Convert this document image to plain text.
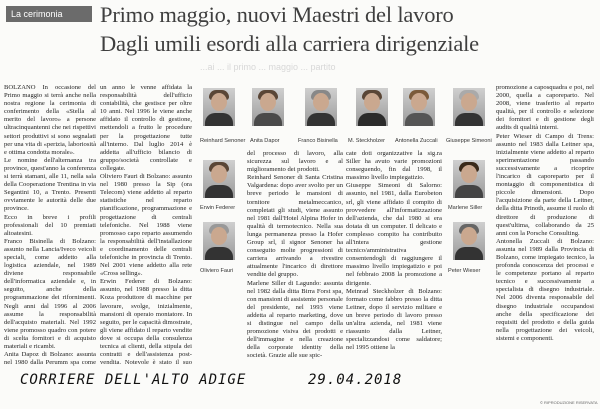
La cerimonia	Primo maggio, nuovi Maestri del lavoro
Dagli umili esordi alla carriera dirigenziale
...ai ... il primo ... maggio ... partito

BOLZANO In occasione del Primo maggio si terrà anche nella nostra regione la cerimonia di conferimento della «Stella al merito del lavoro» a persone ultracinquantenni che nei rispettivi settori produttivi si sono segnalati per una vita di «perizia, laboriosità e ottima condotta morale».

Le nomine dell'alternanza tra province, quest'anno la conferenza si terrà stamani, alle 11, nella sala della Cooperazione Trentina in via Segantini 10, a Trento. Presenti ovviamente le autorità delle due province.

Ecco in breve i profili professionali del 10 premiati altoatesini.

Franco Bisinella di Bolzano: assunto nella Lancia/Iveco veicoli speciali, come addetto alla logistica aziendale, nel 1989 diviene responsabile dell'informatica aziendale e, in seguito, anche della programmazione dei rifornimenti. Negli anni dal 1996 al 2006 assume la responsabilità dell'acquisto materiali. Nel 1992 viene promosso quadro con potere di scelta fornitori e di acquisto materiali e ricambi.

Anita Dapoz di Bolzano: assunta nel 1980 dalla Perumm spa come

un anno le venne affidata la responsabilità dell'ufficio contabilità, che gestisce per oltre 10 anni. Nel 1996 le viene anche affidato il controllo di gestione, mettendoli a frutto le procedure per la progettazione tutte all'interno. Dal luglio 2014 è addetta all'ufficio bilancio di gruppo/società controllate e collegate.

Oliviero Fauri di Bolzano: assunto nel 1980 presso la Sip (ora Telecom) viene addetto al reparto statistiche nel reparto pianificazione, programmazione e progettazione di centrali telefoniche. Nel 1988 viene promosso capo reparto assumendo la responsabilità dell'installazione e coordinamento delle centrali telefoniche in provincia di Trento. Nel 2001 viene addetto alla rete «Cross selling».

Erwin Federer di Bolzano: assunto, nel 1988 presso la ditta Koza produttore di macchine per lavorare, svolge, inizialmente, mansioni di operaio montatore. In seguito, per le capacità dimostrate, gli viene affidato il reparto vendite dove si occupa della consulenza tecnica ai clienti, della stipula dei contratti e dell'assistenza post-vendita. Notevole è stato il suo

del processo di lavoro, alla sicurezza sul lavoro e al miglioramento dei prodotti.

Reinhard Senoner di Santa Cristina Valgardena: dopo aver svolto per un breve periodo le mansioni di tornitore metalmeccanico, completati gli studi, viene assunto nel 1981 dall'Hotel Alpina Hofer in qualità di termotecnico. Nella sua lunga permanenza presso la Hofer Group srl, il signor Senoner ha conseguito molte progressioni di carriera arrivando a rivestire attualmente l'incarico di direttore vendite del gruppo.

Marlene Siller di Lagundo: assunta nel 1982 dalla ditta Birra Forst spa, con mansioni di assistente personale del presidente, nel 1993 viene addetta al reparto marketing, dove si distingue nel campo della promozione visiva dei prodotti e dell'immagine e nella creazione della corporate identity della società. Grazie alle sue spic-

cate doti organizzative la sig.ra Siller ha avuto varie promozioni conseguendo, fin dal 1998, il massimo livello impiegatizio.

Giuseppe Simeoni di Salorno: assunto, nel 1981, dalla Eurobeton srl, gli viene affidato il compito di provvedere all'informatizzazione dell'azienda, che dal 1980 si era dotata di un computer. Il delicato e complesso compito ha contribuito all'intera gestione tecnico/amministrativa consentendogli di raggiungere il massimo livello impiegatizio e poi nel febbraio 2008 la promozione a dirigente.

Meinrad Steckholzer di Bolzano: formato come fabbro presso la ditta Leitner, dopo il servizio militare e un breve periodo di lavoro presso un'altra azienda, nel 1981 viene riassunto dalla Leitner, specializzandosi come saldatore; nel 1995 ottiene la

promozione a caposquadra e poi, nel 2000, quella a caporeparto. Nel 2008, viene trasferito al reparto qualità, per il controllo e selezione dei fornitori e di gestione degli audits di qualità interni.

Peter Wieser di Campo di Trens: assunto nel 1983 dalla Leitner spa, inizialmente viene addetto al reparto sperimentazione passando successivamente a ricoprire l'incarico di caporeparto per il montaggio di componentistica di piccole dimensioni. Dopo l'acquisizione da parte della Leitner, della ditta Prinoth, assume il ruolo di direttore di produzione di quest'ultima, collaborando da 25 anni con la Porsche Consulting.

Antonella Zuccali di Bolzano: assunta nel 1989 dalla Provincia di Bolzano, come impiegato tecnico, la profonda conoscenza dei processi e le competenze portano al reparto tecnico e successivamente a specialista di disegno industriale. Nel 2006 diventa responsabile del disegno industriale occupandosi anche della specificazione dei requisiti del prodotto e della guida nella progettazione dei veicoli, sistemi e componenti.

Reinhard Senoner Anita Dapor	Franco Bisinella M. Steckholzer Antonella Zuccali Giuseppe Simeoni
Erwin Federer
Oliviero Fauri
Marlene Siller
Peter Wieser
CORRIERE DELL'ALTO ADIGE	29.04.2018
© RIPRODUZIONE RISERVATA
